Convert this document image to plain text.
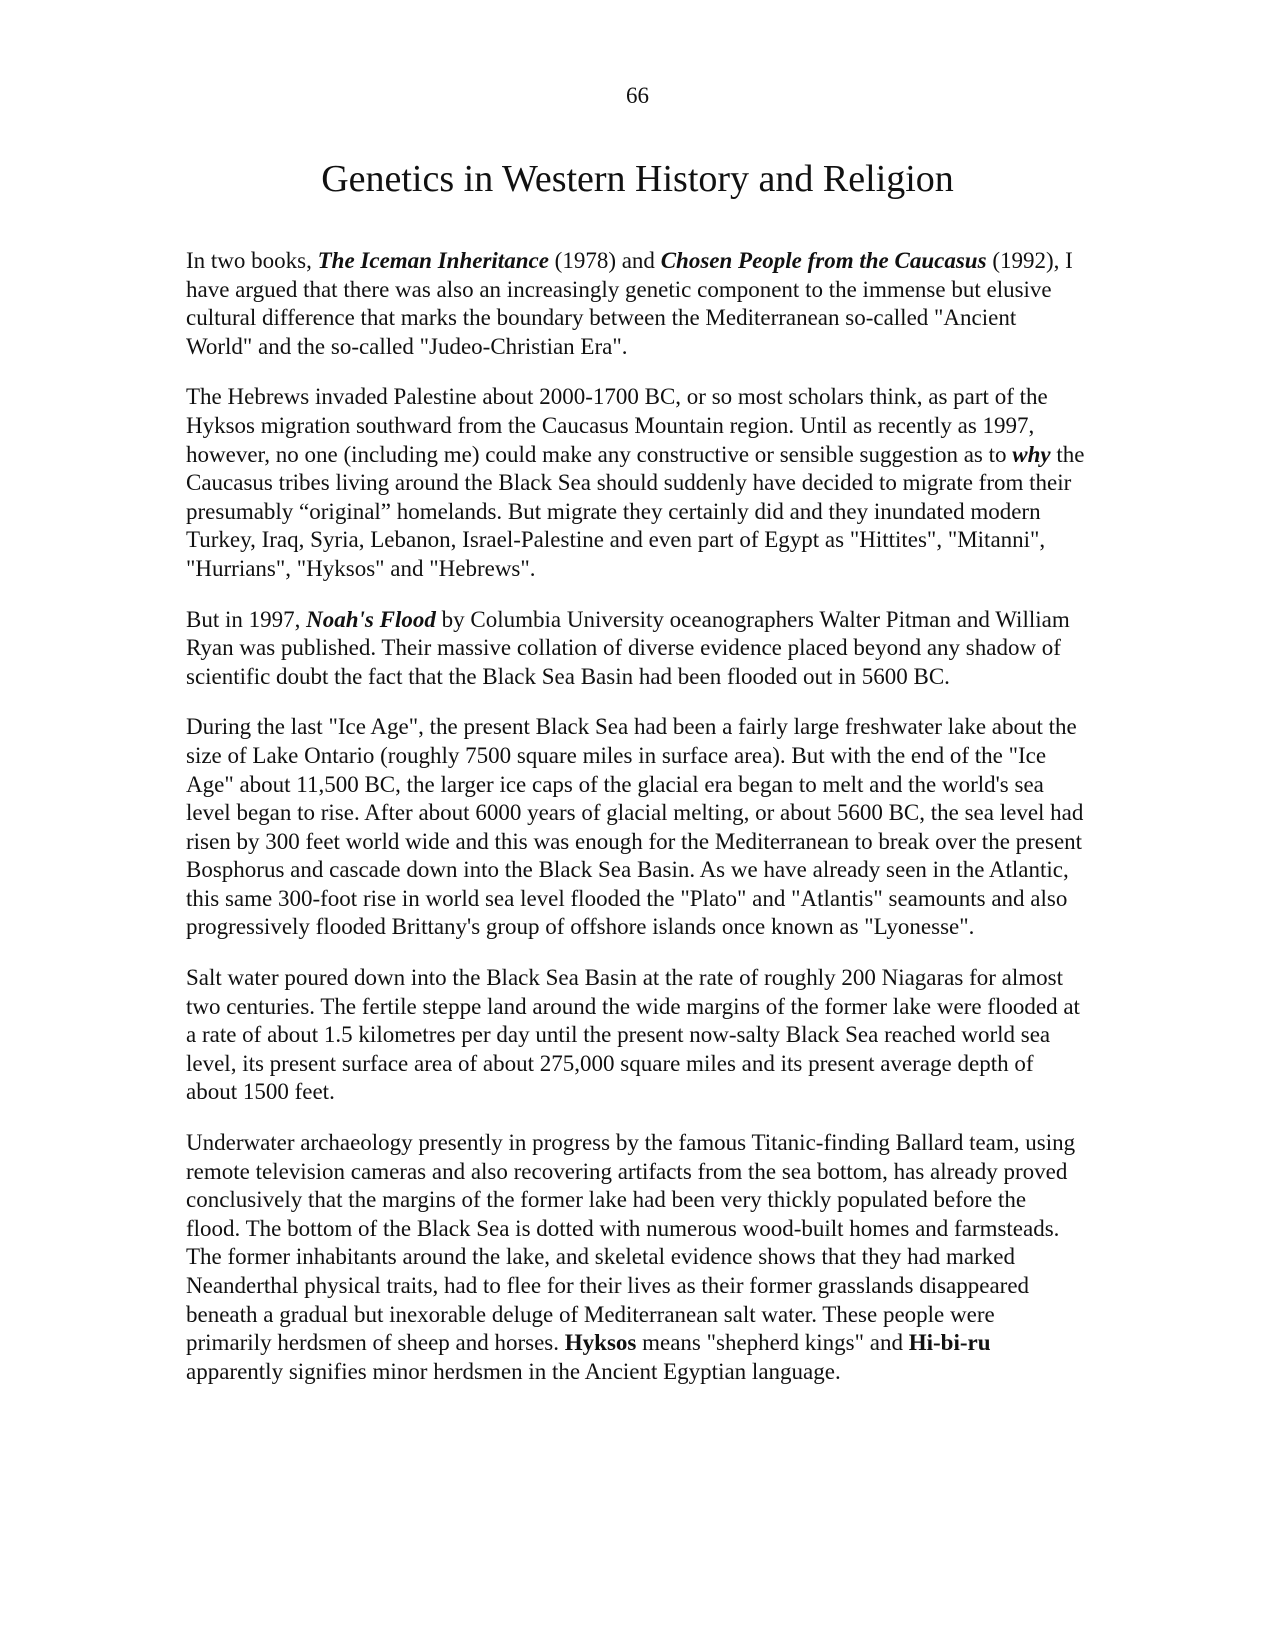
66

Genetics in Western History and Religion

In two books, The Iceman Inheritance (1978) and Chosen People from the Caucasus (1992), I have argued that there was also an increasingly genetic component to the immense but elusive cultural difference that marks the boundary between the Mediterranean so-called "Ancient World" and the so-called "Judeo-Christian Era".

The Hebrews invaded Palestine about 2000-1700 BC, or so most scholars think, as part of the Hyksos migration southward from the Caucasus Mountain region. Until as recently as 1997, however, no one (including me) could make any constructive or sensible suggestion as to why the Caucasus tribes living around the Black Sea should suddenly have decided to migrate from their presumably “original” homelands. But migrate they certainly did and they inundated modern Turkey, Iraq, Syria, Lebanon, Israel-Palestine and even part of Egypt as "Hittites", "Mitanni", "Hurrians", "Hyksos" and "Hebrews".

But in 1997, Noah's Flood by Columbia University oceanographers Walter Pitman and William Ryan was published. Their massive collation of diverse evidence placed beyond any shadow of scientific doubt the fact that the Black Sea Basin had been flooded out in 5600 BC.

During the last "Ice Age", the present Black Sea had been a fairly large freshwater lake about the size of Lake Ontario (roughly 7500 square miles in surface area). But with the end of the "Ice Age" about 11,500 BC, the larger ice caps of the glacial era began to melt and the world's sea level began to rise. After about 6000 years of glacial melting, or about 5600 BC, the sea level had risen by 300 feet world wide and this was enough for the Mediterranean to break over the present Bosphorus and cascade down into the Black Sea Basin. As we have already seen in the Atlantic, this same 300-foot rise in world sea level flooded the "Plato" and "Atlantis" seamounts and also progressively flooded Brittany's group of offshore islands once known as "Lyonesse".

Salt water poured down into the Black Sea Basin at the rate of roughly 200 Niagaras for almost two centuries. The fertile steppe land around the wide margins of the former lake were flooded at a rate of about 1.5 kilometres per day until the present now-salty Black Sea reached world sea level, its present surface area of about 275,000 square miles and its present average depth of about 1500 feet.

Underwater archaeology presently in progress by the famous Titanic-finding Ballard team, using remote television cameras and also recovering artifacts from the sea bottom, has already proved conclusively that the margins of the former lake had been very thickly populated before the flood. The bottom of the Black Sea is dotted with numerous wood-built homes and farmsteads. The former inhabitants around the lake, and skeletal evidence shows that they had marked Neanderthal physical traits, had to flee for their lives as their former grasslands disappeared beneath a gradual but inexorable deluge of Mediterranean salt water. These people were primarily herdsmen of sheep and horses. Hyksos means "shepherd kings" and Hi-bi-ru apparently signifies minor herdsmen in the Ancient Egyptian language.
